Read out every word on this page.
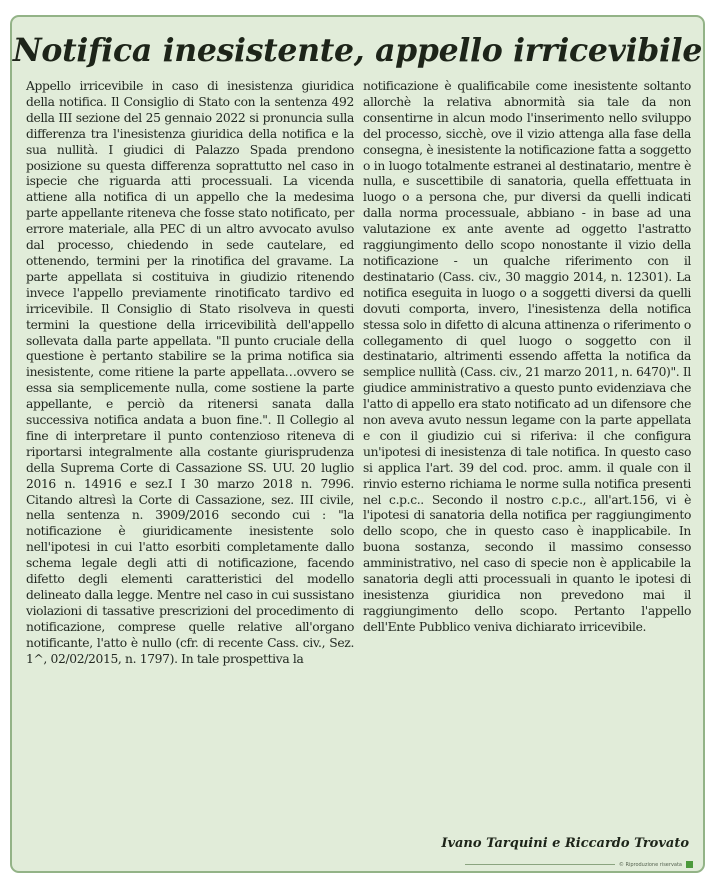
Notifica inesistente, appello irricevibile

Appello irricevibile in caso di inesistenza giuridica della notifica. Il Consiglio di Stato con la sentenza 492 della III sezione del 25 gennaio 2022 si pronuncia sulla differenza tra l'inesistenza giuridica della notifica e la sua nullità. I giudici di Palazzo Spada prendono posizione su questa differenza soprattutto nel caso in ispecie che riguarda atti processuali. La vicenda attiene alla notifica di un appello che la medesima parte appellante riteneva che fosse stato notificato, per errore materiale, alla PEC di un altro avvocato avulso dal processo, chiedendo in sede cautelare, ed ottenendo, termini per la rinotifica del gravame. La parte appellata si costituiva in giudizio ritenendo invece l'appello previamente rinotificato tardivo ed irricevibile. Il Consiglio di Stato risolveva in questi termini la questione della irricevibilità dell'appello sollevata dalla parte appellata. "Il punto cruciale della questione è pertanto stabilire se la prima notifica sia inesistente, come ritiene la parte appellata…ovvero se essa sia semplicemente nulla, come sostiene la parte appellante, e perciò da ritenersi sanata dalla successiva notifica andata a buon fine.". Il Collegio al fine di interpretare il punto contenzioso riteneva di riportarsi integralmente alla costante giurisprudenza della Suprema Corte di Cassazione SS. UU. 20 luglio 2016 n. 14916 e sez.I I 30 marzo 2018 n. 7996. Citando altresì la Corte di Cassazione, sez. III civile, nella sentenza n. 3909/2016 secondo cui : "la notificazione è giuridicamente inesistente solo nell'ipotesi in cui l'atto esorbiti completamente dallo schema legale degli atti di notificazione, facendo difetto degli elementi caratteristici del modello delineato dalla legge. Mentre nel caso in cui sussistano violazioni di tassative prescrizioni del procedimento di notificazione, comprese quelle relative all'organo notificante, l'atto è nullo (cfr. di recente Cass. civ., Sez. 1^, 02/02/2015, n. 1797). In tale prospettiva la

notificazione è qualificabile come inesistente soltanto allorchè la relativa abnormità sia tale da non consentirne in alcun modo l'inserimento nello sviluppo del processo, sicchè, ove il vizio attenga alla fase della consegna, è inesistente la notificazione fatta a soggetto o in luogo totalmente estranei al destinatario, mentre è nulla, e suscettibile di sanatoria, quella effettuata in luogo o a persona che, pur diversi da quelli indicati dalla norma processuale, abbiano - in base ad una valutazione ex ante avente ad oggetto l'astratto raggiungimento dello scopo nonostante il vizio della notificazione - un qualche riferimento con il destinatario (Cass. civ., 30 maggio 2014, n. 12301). La notifica eseguita in luogo o a soggetti diversi da quelli dovuti comporta, invero, l'inesistenza della notifica stessa solo in difetto di alcuna attinenza o riferimento o collegamento di quel luogo o soggetto con il destinatario, altrimenti essendo affetta la notifica da semplice nullità (Cass. civ., 21 marzo 2011, n. 6470)". Il giudice amministrativo a questo punto evidenziava che l'atto di appello era stato notificato ad un difensore che non aveva avuto nessun legame con la parte appellata e con il giudizio cui si riferiva: il che configura un'ipotesi di inesistenza di tale notifica. In questo caso si applica l'art. 39 del cod. proc. amm. il quale con il rinvio esterno richiama le norme sulla notifica presenti nel c.p.c.. Secondo il nostro c.p.c., all'art.156, vi è l'ipotesi di sanatoria della notifica per raggiungimento dello scopo, che in questo caso è inapplicabile. In buona sostanza, secondo il massimo consesso amministrativo, nel caso di specie non è applicabile la sanatoria degli atti processuali in quanto le ipotesi di inesistenza giuridica non prevedono mai il raggiungimento dello scopo. Pertanto l'appello dell'Ente Pubblico veniva dichiarato irricevibile.

Ivano Tarquini e Riccardo Trovato
© Riproduzione riservata
